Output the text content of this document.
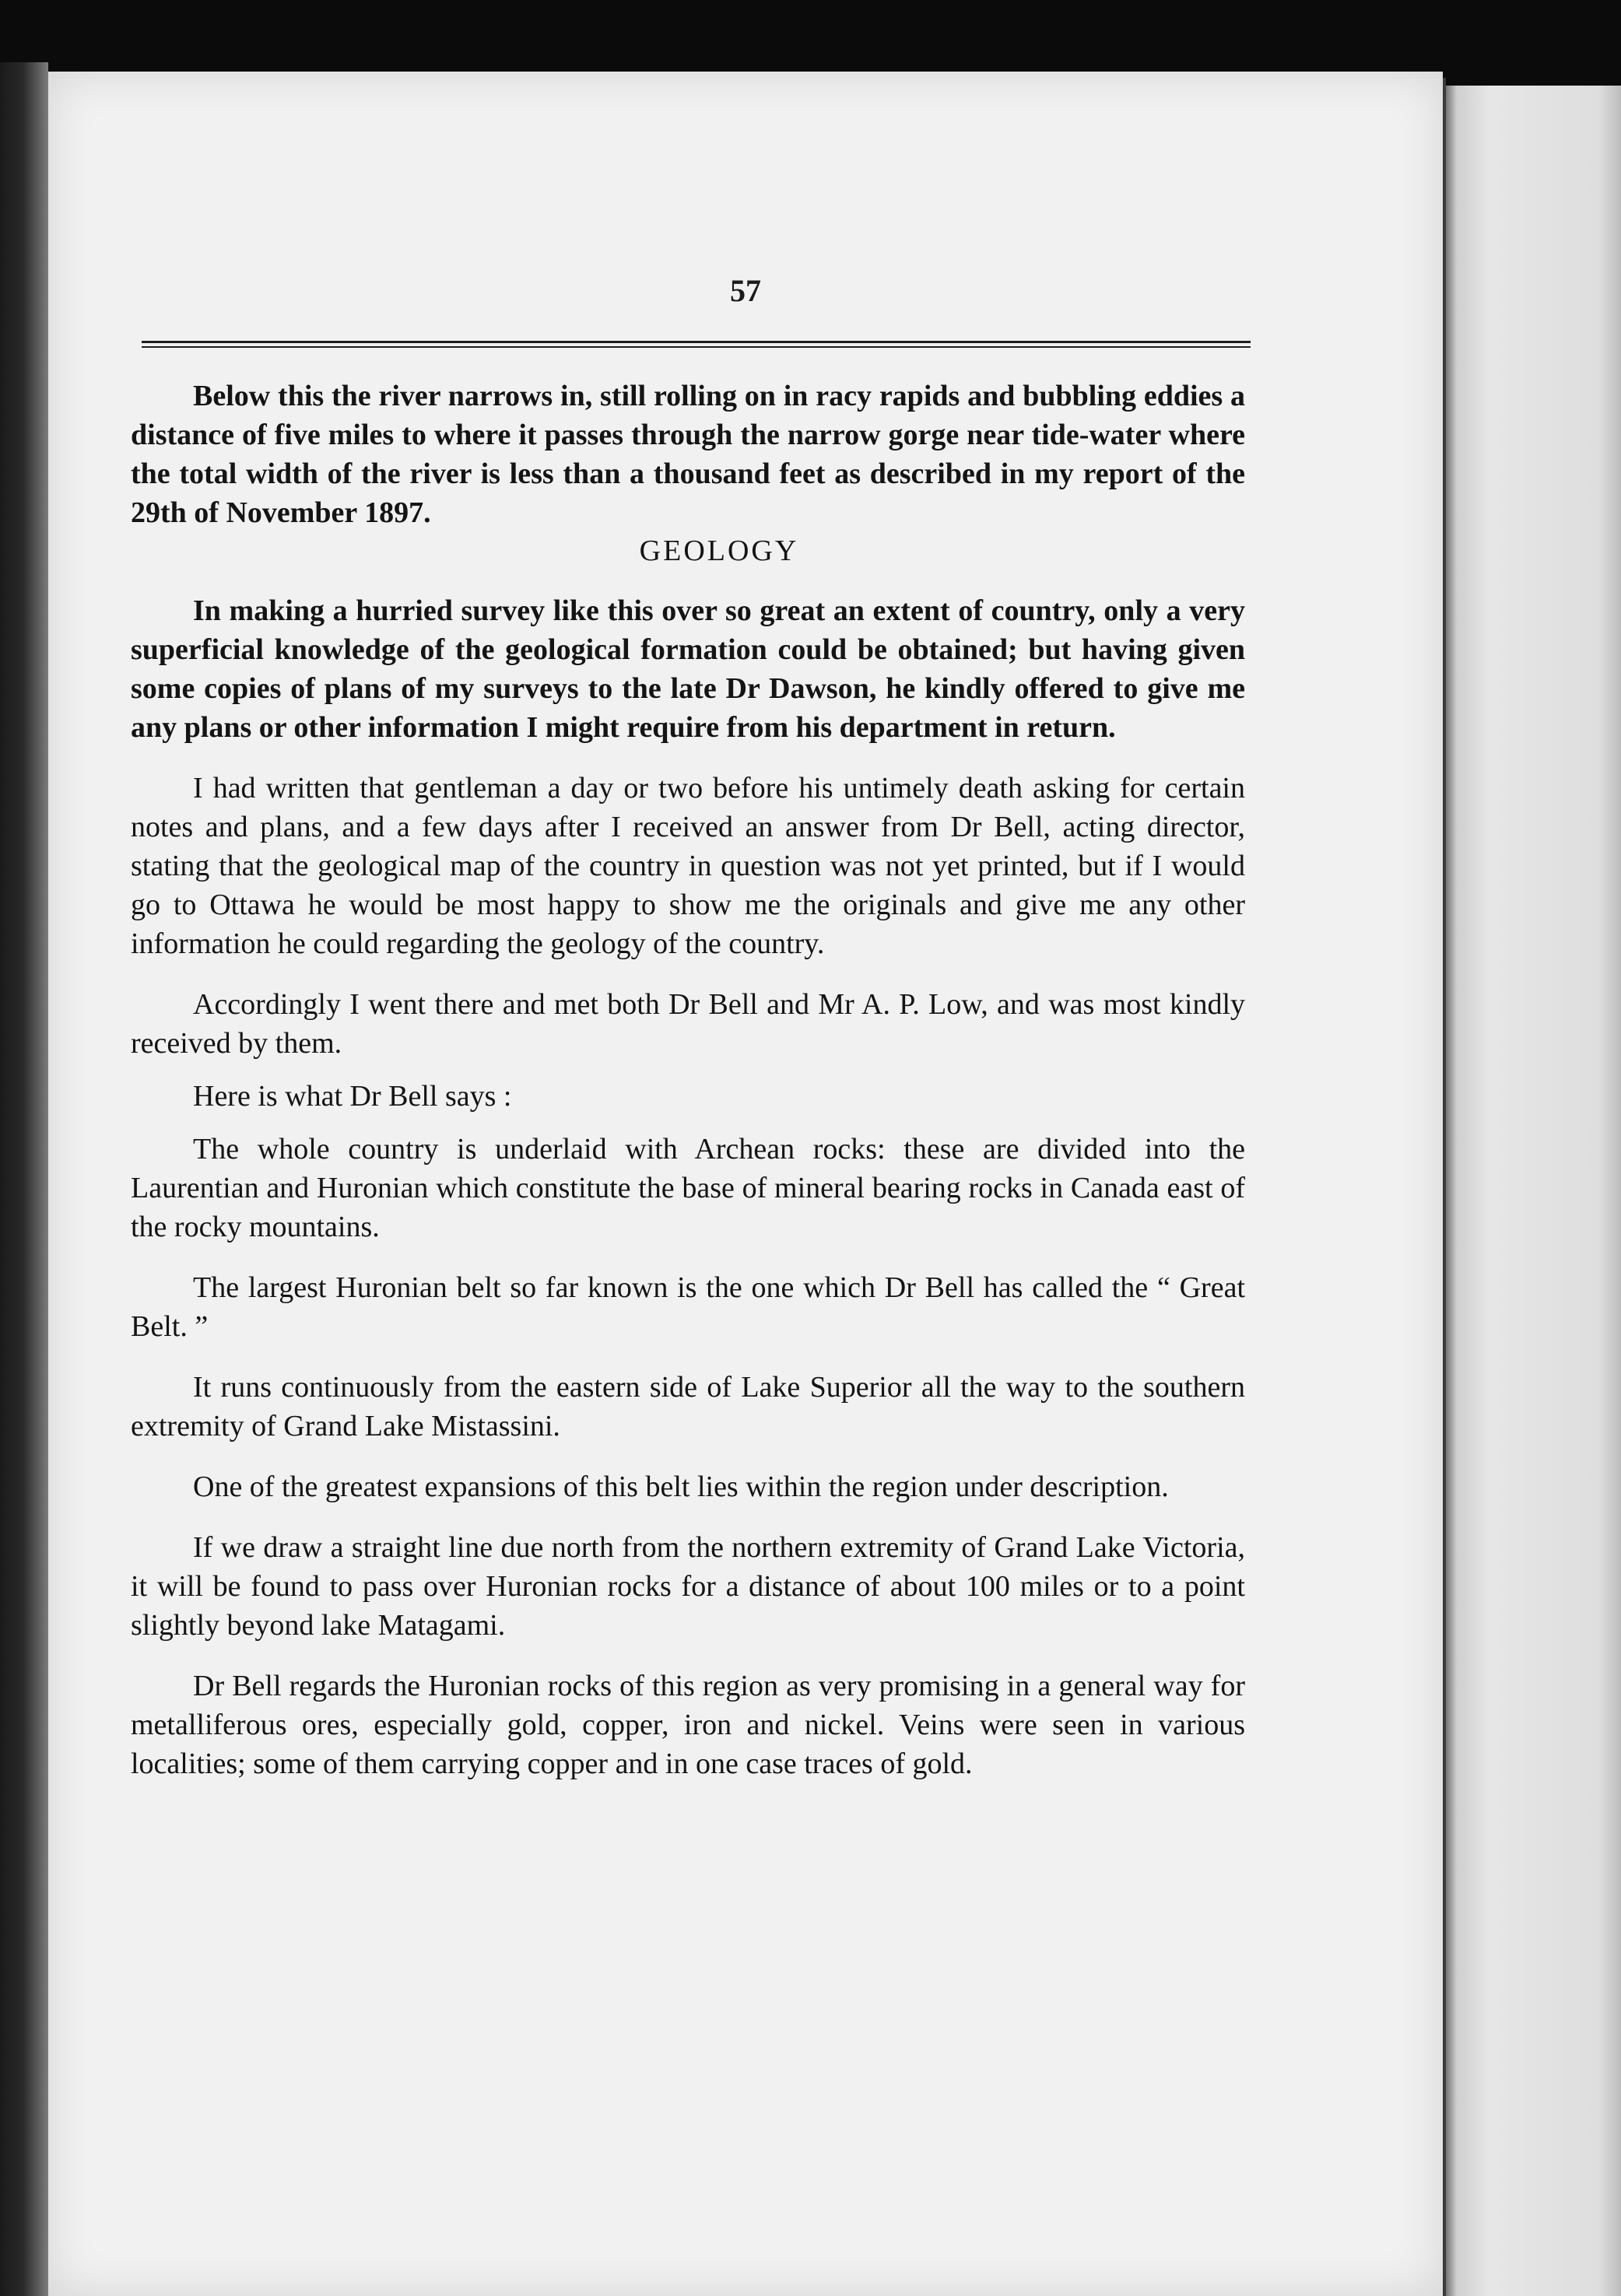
57

Below this the river narrows in, still rolling on in racy rapids and bubbling eddies a distance of five miles to where it passes through the narrow gorge near tide-water where the total width of the river is less than a thousand feet as described in my report of the 29th of November 1897.

GEOLOGY

In making a hurried survey like this over so great an extent of country, only a very superficial knowledge of the geological formation could be obtained; but having given some copies of plans of my surveys to the late Dr Dawson, he kindly offered to give me any plans or other information I might require from his department in return.

I had written that gentleman a day or two before his untimely death asking for certain notes and plans, and a few days after I received an answer from Dr Bell, acting director, stating that the geological map of the country in question was not yet printed, but if I would go to Ottawa he would be most happy to show me the originals and give me any other information he could regarding the geology of the country.

Accordingly I went there and met both Dr Bell and Mr A. P. Low, and was most kindly received by them.

Here is what Dr Bell says :

The whole country is underlaid with Archean rocks: these are divided into the Laurentian and Huronian which constitute the base of mineral bearing rocks in Canada east of the rocky mountains.

The largest Huronian belt so far known is the one which Dr Bell has called the “ Great Belt. ”

It runs continuously from the eastern side of Lake Superior all the way to the southern extremity of Grand Lake Mistassini.

One of the greatest expansions of this belt lies within the region under description.

If we draw a straight line due north from the northern extremity of Grand Lake Victoria, it will be found to pass over Huronian rocks for a distance of about 100 miles or to a point slightly beyond lake Matagami.

Dr Bell regards the Huronian rocks of this region as very promising in a general way for metalliferous ores, especially gold, copper, iron and nickel. Veins were seen in various localities; some of them carrying copper and in one case traces of gold.
